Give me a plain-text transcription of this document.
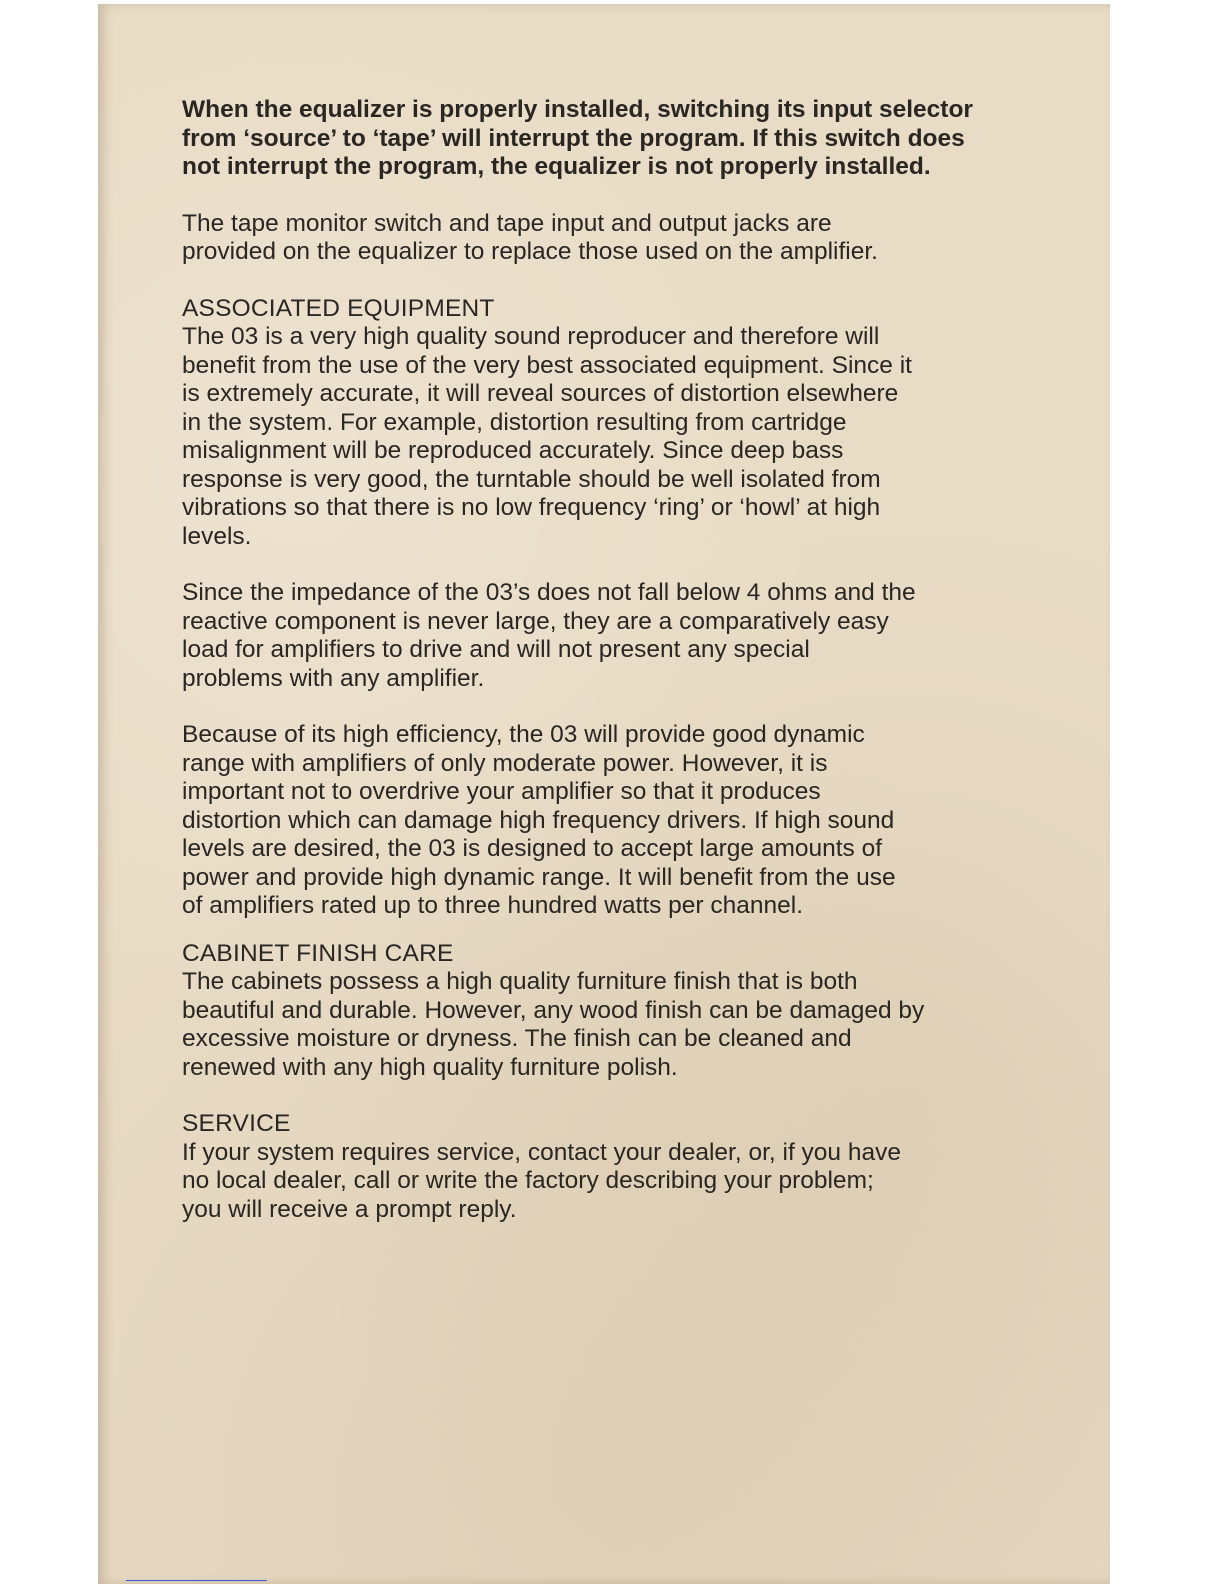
When the equalizer is properly installed, switching its input selector
from ‘source’ to ‘tape’ will interrupt the program. If this switch does
not interrupt the program, the equalizer is not properly installed.

The tape monitor switch and tape input and output jacks are
provided on the equalizer to replace those used on the amplifier.

ASSOCIATED EQUIPMENT

The 03 is a very high quality sound reproducer and therefore will
benefit from the use of the very best associated equipment. Since it
is extremely accurate, it will reveal sources of distortion elsewhere
in the system. For example, distortion resulting from cartridge
misalignment will be reproduced accurately. Since deep bass
response is very good, the turntable should be well isolated from
vibrations so that there is no low frequency ‘ring’ or ‘howl’ at high
levels.

Since the impedance of the 03’s does not fall below 4 ohms and the
reactive component is never large, they are a comparatively easy
load for amplifiers to drive and will not present any special
problems with any amplifier.

Because of its high efficiency, the 03 will provide good dynamic
range with amplifiers of only moderate power. However, it is
important not to overdrive your amplifier so that it produces
distortion which can damage high frequency drivers. If high sound
levels are desired, the 03 is designed to accept large amounts of
power and provide high dynamic range. It will benefit from the use
of amplifiers rated up to three hundred watts per channel.

CABINET FINISH CARE

The cabinets possess a high quality furniture finish that is both
beautiful and durable. However, any wood finish can be damaged by
excessive moisture or dryness. The finish can be cleaned and
renewed with any high quality furniture polish.

SERVICE

If your system requires service, contact your dealer, or, if you have
no local dealer, call or write the factory describing your problem;
you will receive a prompt reply.
